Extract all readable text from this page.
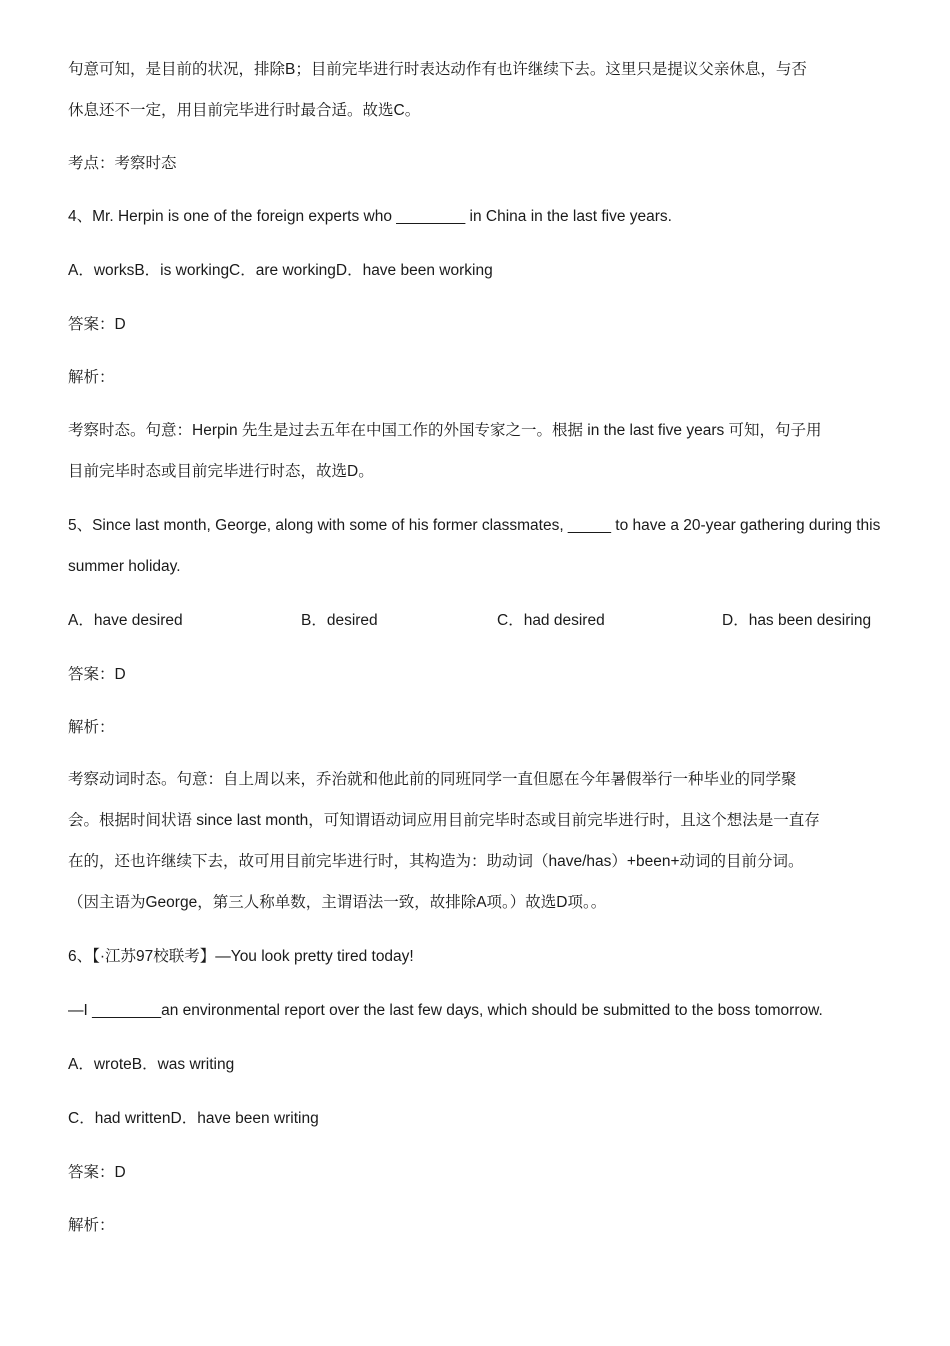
句意可知，是目前的状况，排除B；目前完毕进行时表达动作有也许继续下去。这里只是提议父亲休息，与否
休息还不一定，用目前完毕进行时最合适。故选C。
考点：考察时态
4、Mr. Herpin is one of the foreign experts who ________ in China in the last five years.
A．worksB．is workingC．are workingD．have been working
答案：D
解析：
考察时态。句意：Herpin 先生是过去五年在中国工作的外国专家之一。根据 in the last five years 可知，句子用
目前完毕时态或目前完毕进行时态，故选D。
5、Since last month, George, along with some of his former classmates, _____ to have a 20-year gathering during this
summer holiday.
A．have desired	B．desired	C．had desired	D．has been desiring
答案：D
解析：
考察动词时态。句意：自上周以来，乔治就和他此前的同班同学一直但愿在今年暑假举行一种毕业的同学聚
会。根据时间状语 since last month，可知谓语动词应用目前完毕时态或目前完毕进行时，且这个想法是一直存
在的，还也许继续下去，故可用目前完毕进行时，其构造为：助动词（have/has）+been+动词的目前分词。
（因主语为George，第三人称单数，主谓语法一致，故排除A项。）故选D项。。
6、【·江苏97校联考】—You look pretty tired today!
—I ________an environmental report over the last few days, which should be submitted to the boss tomorrow.
A．wroteB．was writing
C．had writtenD．have been writing
答案：D
解析：
